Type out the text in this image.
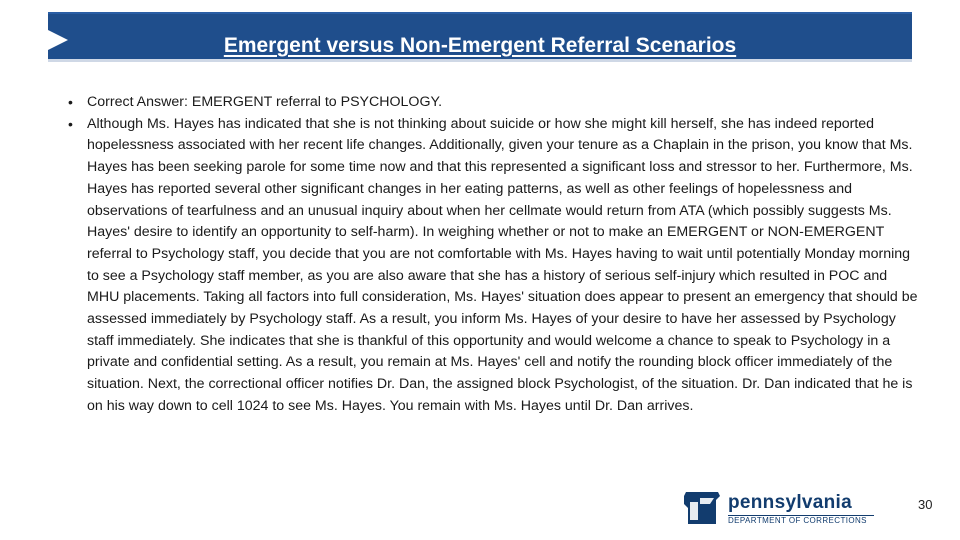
Emergent versus Non-Emergent Referral Scenarios

• Correct Answer: EMERGENT referral to PSYCHOLOGY.

• Although Ms. Hayes has indicated that she is not thinking about suicide or how she might kill herself, she has indeed reported hopelessness associated with her recent life changes. Additionally, given your tenure as a Chaplain in the prison, you know that Ms. Hayes has been seeking parole for some time now and that this represented a significant loss and stressor to her. Furthermore, Ms. Hayes has reported several other significant changes in her eating patterns, as well as other feelings of hopelessness and observations of tearfulness and an unusual inquiry about when her cellmate would return from ATA (which possibly suggests Ms. Hayes' desire to identify an opportunity to self-harm). In weighing whether or not to make an EMERGENT or NON-EMERGENT referral to Psychology staff, you decide that you are not comfortable with Ms. Hayes having to wait until potentially Monday morning to see a Psychology staff member, as you are also aware that she has a history of serious self-injury which resulted in POC and MHU placements. Taking all factors into full consideration, Ms. Hayes' situation does appear to present an emergency that should be assessed immediately by Psychology staff. As a result, you inform Ms. Hayes of your desire to have her assessed by Psychology staff immediately. She indicates that she is thankful of this opportunity and would welcome a chance to speak to Psychology in a private and confidential setting. As a result, you remain at Ms. Hayes' cell and notify the rounding block officer immediately of the situation. Next, the correctional officer notifies Dr. Dan, the assigned block Psychologist, of the situation. Dr. Dan indicated that he is on his way down to cell 1024 to see Ms. Hayes. You remain with Ms. Hayes until Dr. Dan arrives.

pennsylvania
DEPARTMENT OF CORRECTIONS
30
